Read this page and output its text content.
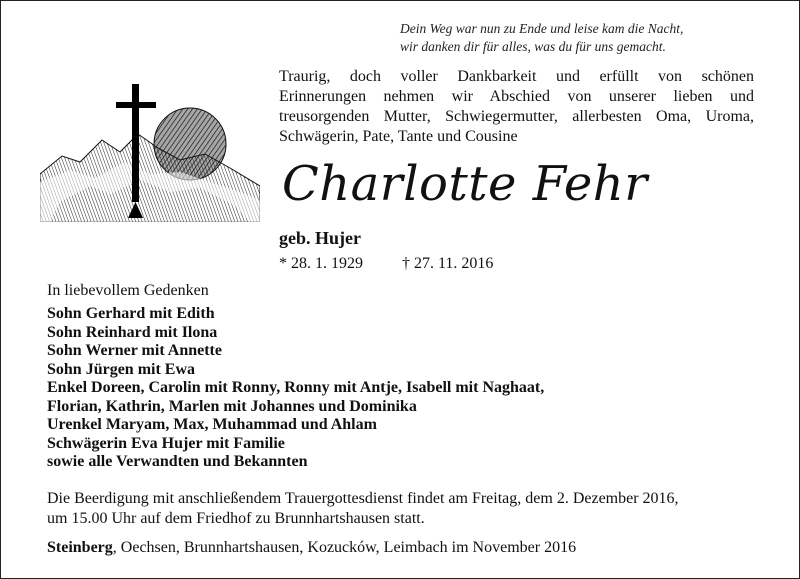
Dein Weg war nun zu Ende und leise kam die Nacht,
wir danken dir für alles, was du für uns gemacht.
Traurig, doch voller Dankbarkeit und erfüllt von schönen
Erinnerungen nehmen wir Abschied von unserer lieben und
treusorgenden Mutter, Schwiegermutter, allerbesten Oma, Uroma,
Schwägerin, Pate, Tante und Cousine
Charlotte Fehr
geb. Hujer
* 28. 1. 1929 † 27. 11. 2016
In liebevollem Gedenken
Sohn Gerhard mit Edith
Sohn Reinhard mit Ilona
Sohn Werner mit Annette
Sohn Jürgen mit Ewa
Enkel Doreen, Carolin mit Ronny, Ronny mit Antje, Isabell mit Naghaat,
Florian, Kathrin, Marlen mit Johannes und Dominika
Urenkel Maryam, Max, Muhammad und Ahlam
Schwägerin Eva Hujer mit Familie
sowie alle Verwandten und Bekannten
Die Beerdigung mit anschließendem Trauergottesdienst findet am Freitag, dem 2. Dezember 2016,
um 15.00 Uhr auf dem Friedhof zu Brunnhartshausen statt.
Steinberg, Oechsen, Brunnhartshausen, Kozucków, Leimbach im November 2016
